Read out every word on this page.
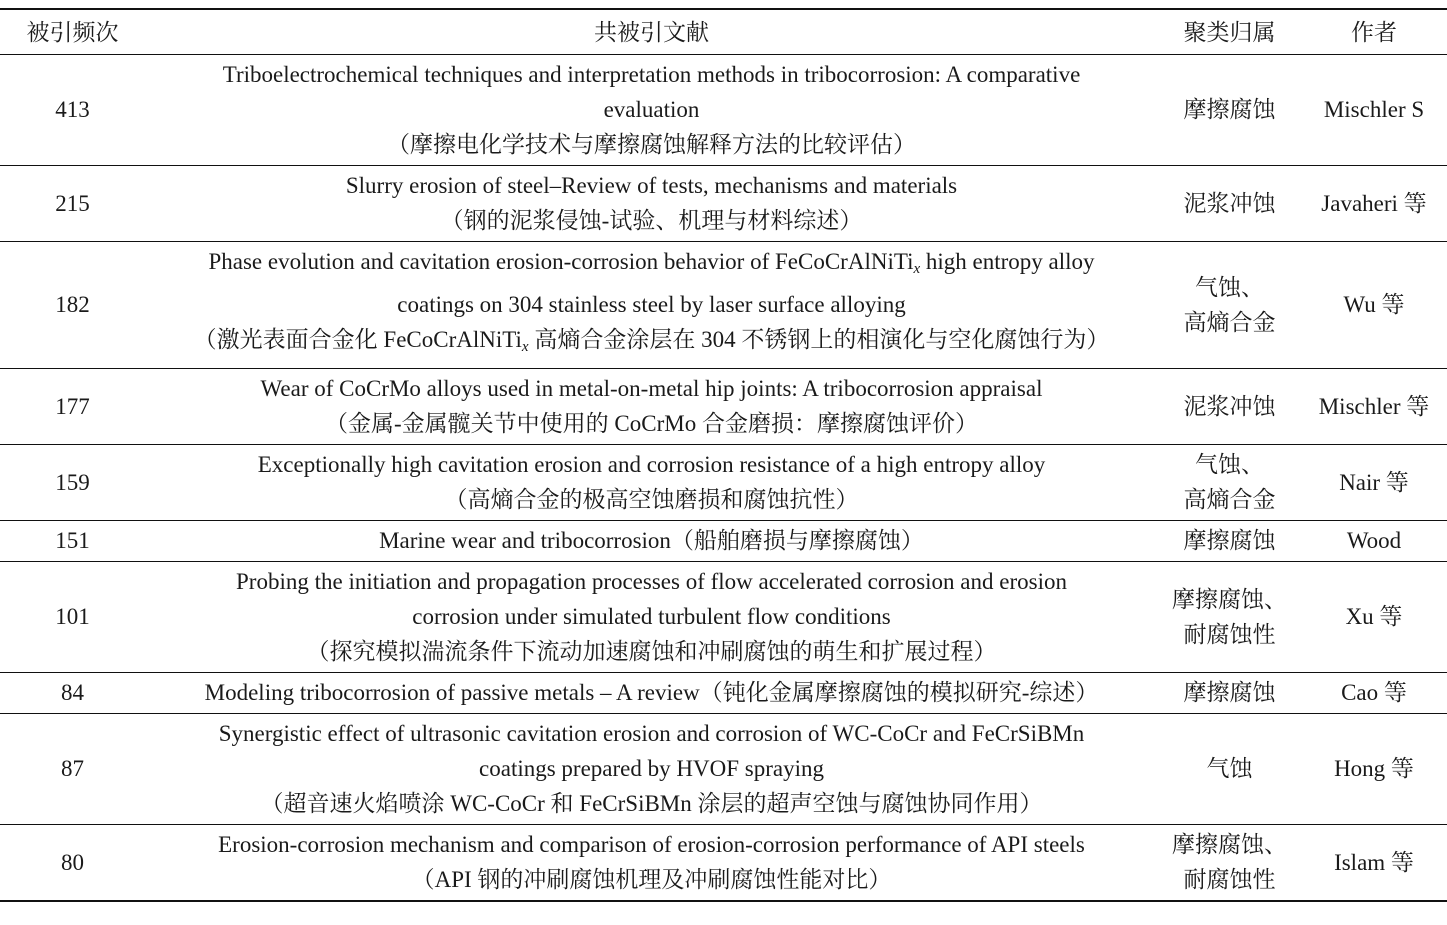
被引频次	共被引文献	聚类归属	作者
413	Triboelectrochemical techniques and interpretation methods in tribocorrosion: A comparative
evaluation
（摩擦电化学技术与摩擦腐蚀解释方法的比较评估）	摩擦腐蚀	Mischler S
215	Slurry erosion of steel–Review of tests, mechanisms and materials
（钢的泥浆侵蚀-试验、机理与材料综述）	泥浆冲蚀	Javaheri 等
182	Phase evolution and cavitation erosion-corrosion behavior of FeCoCrAlNiTi$_x$ high entropy alloy
coatings on 304 stainless steel by laser surface alloying
（激光表面合金化 FeCoCrAlNiTi$_x$ 高熵合金涂层在 304 不锈钢上的相演化与空化腐蚀行为）	气蚀、
高熵合金	Wu 等
177	Wear of CoCrMo alloys used in metal-on-metal hip joints: A tribocorrosion appraisal
（金属-金属髋关节中使用的 CoCrMo 合金磨损：摩擦腐蚀评价）	泥浆冲蚀	Mischler 等
159	Exceptionally high cavitation erosion and corrosion resistance of a high entropy alloy
（高熵合金的极高空蚀磨损和腐蚀抗性）	气蚀、
高熵合金	Nair 等
151	Marine wear and tribocorrosion（船舶磨损与摩擦腐蚀）	摩擦腐蚀	Wood
101	Probing the initiation and propagation processes of flow accelerated corrosion and erosion
corrosion under simulated turbulent flow conditions
（探究模拟湍流条件下流动加速腐蚀和冲刷腐蚀的萌生和扩展过程）	摩擦腐蚀、
耐腐蚀性	Xu 等
84	Modeling tribocorrosion of passive metals – A review（钝化金属摩擦腐蚀的模拟研究-综述）	摩擦腐蚀	Cao 等
87	Synergistic effect of ultrasonic cavitation erosion and corrosion of WC-CoCr and FeCrSiBMn
coatings prepared by HVOF spraying
（超音速火焰喷涂 WC-CoCr 和 FeCrSiBMn 涂层的超声空蚀与腐蚀协同作用）	气蚀	Hong 等
80	Erosion-corrosion mechanism and comparison of erosion-corrosion performance of API steels
（API 钢的冲刷腐蚀机理及冲刷腐蚀性能对比）	摩擦腐蚀、
耐腐蚀性	Islam 等
